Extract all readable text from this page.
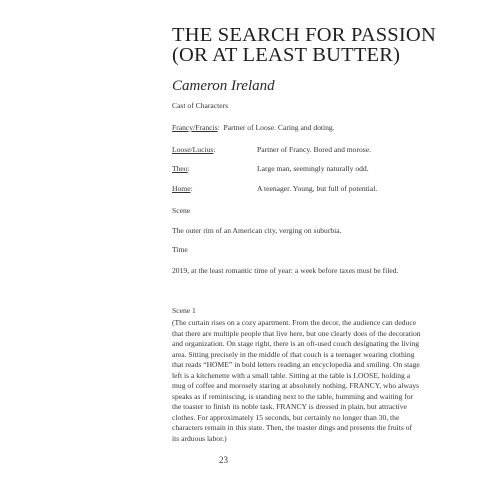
THE SEARCH FOR PASSION
(OR AT LEAST BUTTER)
Cameron Ireland
Cast of Characters
Francy/Francis: Partner of Loose. Caring and doting.
Loose/Lucius:	Partner of Francy. Bored and morose.
Theo:	Large man, seemingly naturally odd.
Home:	A teenager. Young, but full of potential.
Scene
The outer rim of an American city, verging on suburbia.
Time
2019, at the least romantic time of year: a week before taxes must be filed.
Scene 1
(The curtain rises on a cozy apartment. From the decor, the audience can deduce
that there are multiple people that live here, but one clearly does of the decoration
and organization. On stage right, there is an oft-used couch designating the living
area. Sitting precisely in the middle of that couch is a teenager wearing clothing
that reads “HOME” in bold letters reading an encyclopedia and smiling. On stage
left is a kitchenette with a small table. Sitting at the table is LOOSE, holding a
mug of coffee and morosely staring at absolutely nothing. FRANCY, who always
speaks as if reminiscing, is standing next to the table, humming and waiting for
the toaster to finish its noble task. FRANCY is dressed in plain, but attractive
clothes. For approximately 15 seconds, but certainly no longer than 30, the
characters remain in this state. Then, the toaster dings and presents the fruits of
its arduous labor.)
23
